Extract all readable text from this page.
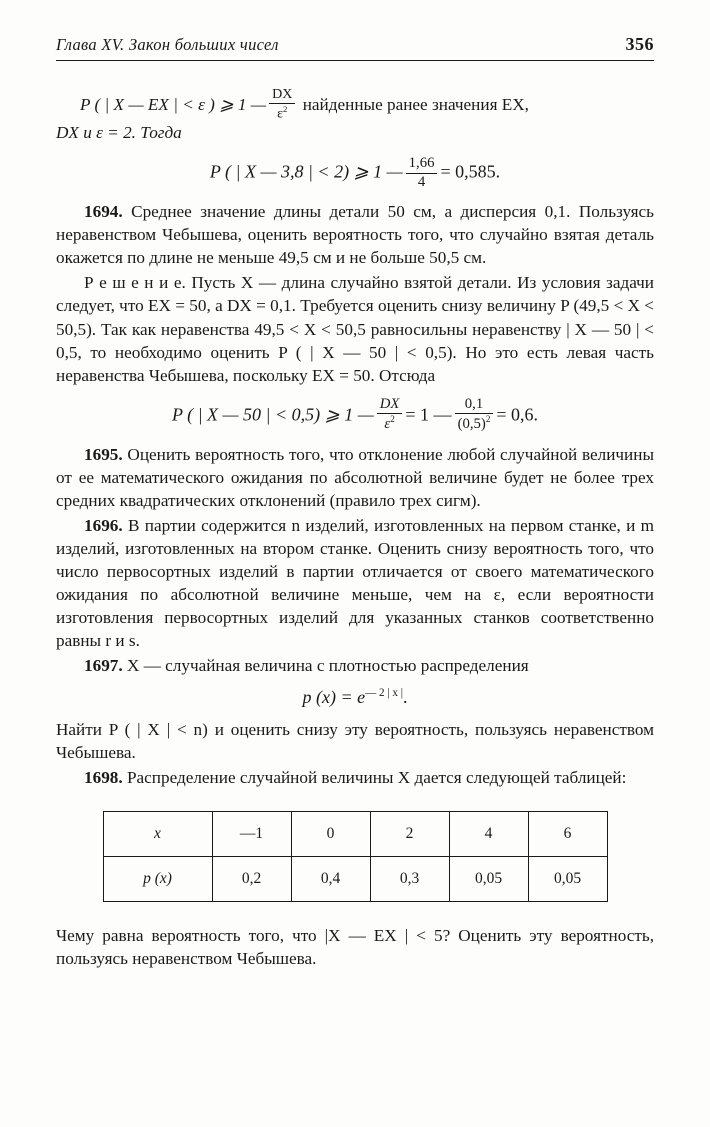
Глава XV. Закон больших чисел	356
P ( | X — EX | < ε ) ⩾ 1 — $\frac{DX}{\varepsilon^2}$ найденные ранее значения EX,
DX и ε = 2. Тогда
P ( | X — 3,8 | < 2) ⩾ 1 — $\frac{1,66}{4} = 0,585$.

1694. Среднее значение длины детали 50 см, а дисперсия 0,1. Пользуясь неравенством Чебышева, оценить вероятность того, что случайно взятая деталь окажется по длине не меньше 49,5 см и не больше 50,5 см.

Р е ш е н и е. Пусть X — длина случайно взятой детали. Из условия задачи следует, что EX = 50, а DX = 0,1. Требуется оценить снизу величину P (49,5 < X < 50,5). Так как неравенства 49,5 < X < 50,5 равносильны неравенству | X — 50 | < 0,5, то необходимо оценить P ( | X — 50 | < 0,5). Но это есть левая часть неравенства Чебышева, поскольку EX = 50. Отсюда

P ( | X — 50 | < 0,5) ⩾ 1 — $\frac{DX}{\varepsilon^2} = 1$ — $\frac{0,1}{(0,5)^2} = 0,6$.

1695. Оценить вероятность того, что отклонение любой случайной величины от ее математического ожидания по абсолютной величине будет не более трех средних квадратических отклонений (правило трех сигм).

1696. В партии содержится n изделий, изготовленных на первом станке, и m изделий, изготовленных на втором станке. Оценить снизу вероятность того, что число первосортных изделий в партии отличается от своего математического ожидания по абсолютной величине меньше, чем на ε, если вероятности изготовления первосортных изделий для указанных станков соответственно равны r и s.

1697. X — случайная величина с плотностью распределения

p $(x) = e^{— 2 | x |}$.

Найти P ( | X | < n) и оценить снизу эту вероятность, пользуясь неравенством Чебышева.

1698. Распределение случайной величины X дается следующей таблицей:

x	—1	0	2	4	6
p (x)	0,2	0,4	0,3	0,05	0,05

Чему равна вероятность того, что |X — EX | < 5? Оценить эту вероятность, пользуясь неравенством Чебышева.
